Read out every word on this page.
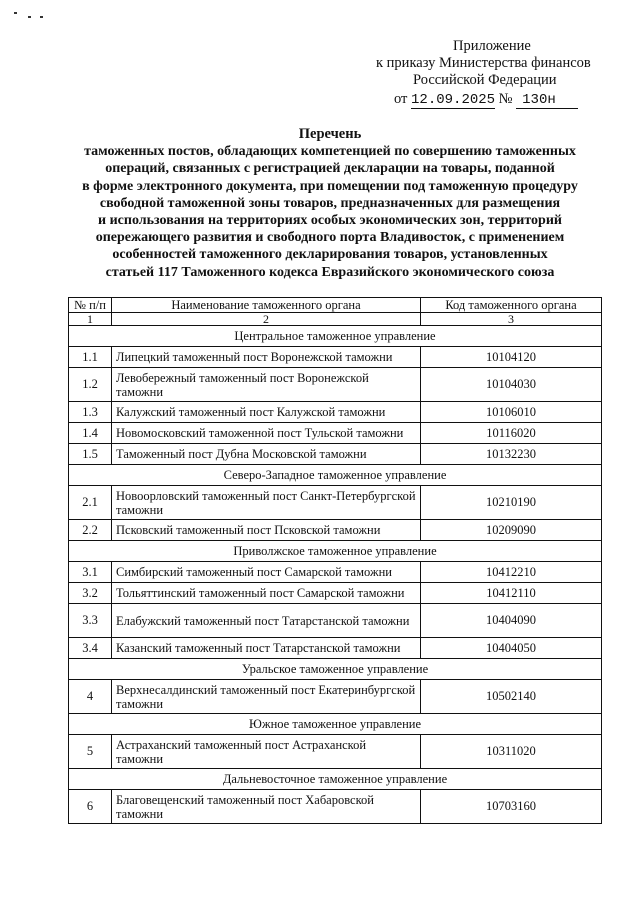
Приложение
к приказу Министерства финансов
Российской Федерации
от 12.09.2025 № 130н
Перечень
таможенных постов, обладающих компетенцией по совершению таможенных
операций, связанных с регистрацией декларации на товары, поданной
в форме электронного документа, при помещении под таможенную процедуру
свободной таможенной зоны товаров, предназначенных для размещения
и использования на территориях особых экономических зон, территорий
опережающего развития и свободного порта Владивосток, с применением
особенностей таможенного декларирования товаров, установленных
статьей 117 Таможенного кодекса Евразийского экономического союза
№ п/п	Наименование таможенного органа	Код таможенного органа
1	2	3
Центральное таможенное управление		
1.1	Липецкий таможенный пост Воронежской таможни	10104120
1.2	Левобережный таможенный пост Воронежской таможни	10104030
1.3	Калужский таможенный пост Калужской таможни	10106010
1.4	Новомосковский таможенной пост Тульской таможни	10116020
1.5	Таможенный пост Дубна Московской таможни	10132230
Северо-Западное таможенное управление		
2.1	Новоорловский таможенный пост Санкт-Петербургской таможни	10210190
2.2	Псковский таможенный пост Псковской таможни	10209090
Приволжское таможенное управление		
3.1	Симбирский таможенный пост Самарской таможни	10412210
3.2	Тольяттинский таможенный пост Самарской таможни	10412110
3.3	Елабужский таможенный пост Татарстанской таможни	10404090
3.4	Казанский таможенный пост Татарстанской таможни	10404050
Уральское таможенное управление		
4	Верхнесалдинский таможенный пост Екатеринбургской таможни	10502140
Южное таможенное управление		
5	Астраханский таможенный пост Астраханской таможни	10311020
Дальневосточное таможенное управление		
6	Благовещенский таможенный пост Хабаровской таможни	10703160
